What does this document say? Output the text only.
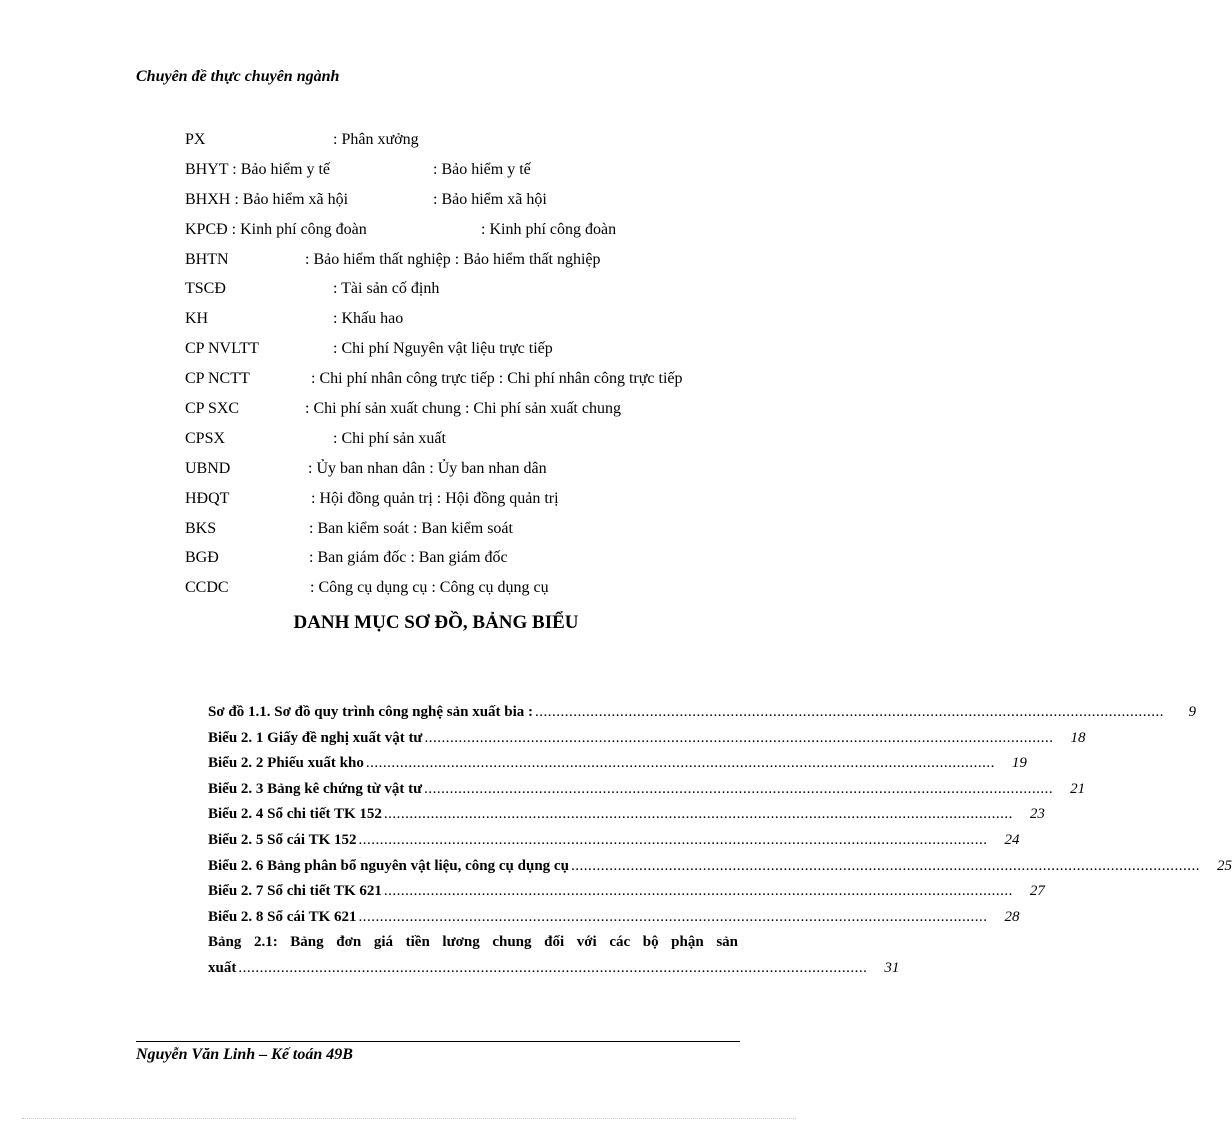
Chuyên đề thực chuyên ngành
PX	: Phân xưởng
BHYT : Bảo hiểm y tế	: Bảo hiểm y tế
BHXH : Bảo hiểm xã hội	: Bảo hiểm xã hội
KPCĐ : Kinh phí công đoàn	: Kinh phí công đoàn
BHTN	: Bảo hiểm thất nghiệp : Bảo hiểm thất nghiệp
TSCĐ	: Tài sản cố định
KH	: Khấu hao
CP NVLTT	: Chi phí Nguyên vật liệu trực tiếp
CP NCTT	: Chi phí nhân công trực tiếp : Chi phí nhân công trực tiếp
CP SXC	: Chi phí sản xuất chung : Chi phí sản xuất chung
CPSX	: Chi phí sản xuất
UBND	: Ủy ban nhan dân : Ủy ban nhan dân
HĐQT	: Hội đồng quản trị : Hội đồng quản trị
BKS	: Ban kiểm soát : Ban kiểm soát
BGĐ	: Ban giám đốc : Ban giám đốc
CCDC	: Công cụ dụng cụ : Công cụ dụng cụ
DANH MỤC SƠ ĐỒ, BẢNG BIỂU
Sơ đồ 1.1. Sơ đồ quy trình công nghệ sản xuất bia : ....................................................................................................................................................	9
Biểu 2. 1 Giấy đề nghị xuất vật tư ....................................................................................................................................................	18
Biểu 2. 2 Phiếu xuất kho ....................................................................................................................................................	19
Biểu 2. 3 Bảng kê chứng từ vật tư ....................................................................................................................................................	21
Biểu 2. 4 Sổ chi tiết TK 152 ....................................................................................................................................................	23
Biểu 2. 5 Sổ cái TK 152 ....................................................................................................................................................	24
Biểu 2. 6 Bảng phân bổ nguyên vật liệu, công cụ dụng cụ ....................................................................................................................................................	25
Biểu 2. 7 Sổ chi tiết TK 621 ....................................................................................................................................................	27
Biểu 2. 8 Sổ cái TK 621 ....................................................................................................................................................	28
Bảng 2.1: Bảng đơn giá tiền lương chung đối với các bộ phận sản
xuất ....................................................................................................................................................	31
Nguyễn Văn Linh – Kế toán 49B
